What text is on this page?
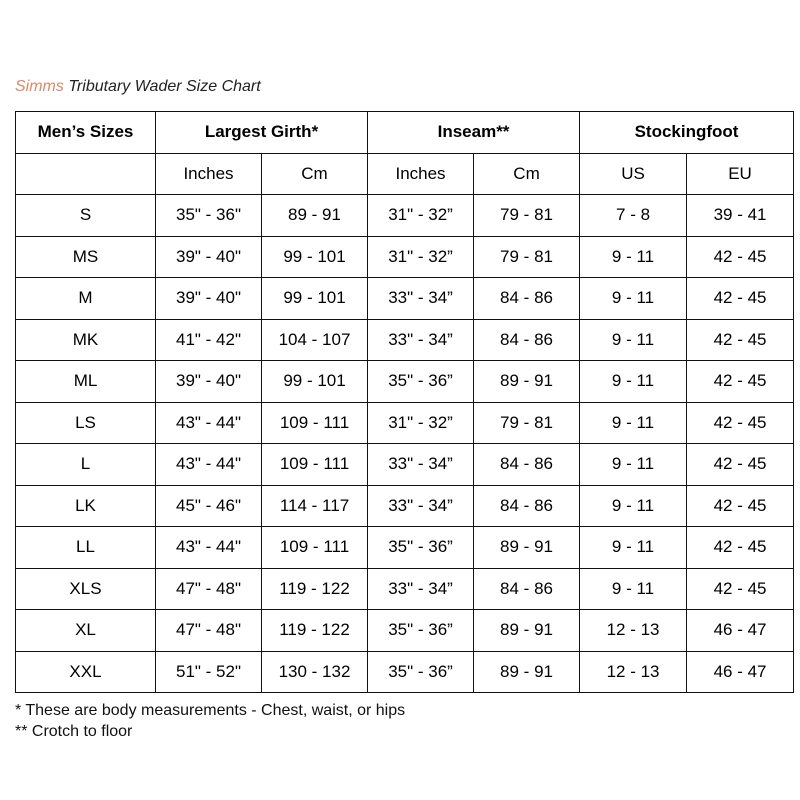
Simms Tributary Wader Size Chart
Men’s Sizes	Largest Girth*		Inseam**		Stockingfoot	
	Inches	Cm	Inches	Cm	US	EU
S	35" - 36"	89 - 91	31" - 32”	79 - 81	7 - 8	39 - 41
MS	39" - 40"	99 - 101	31" - 32”	79 - 81	9 - 11	42 - 45
M	39" - 40"	99 - 101	33" - 34”	84 - 86	9 - 11	42 - 45
MK	41" - 42"	104 - 107	33" - 34”	84 - 86	9 - 11	42 - 45
ML	39" - 40"	99 - 101	35" - 36”	89 - 91	9 - 11	42 - 45
LS	43" - 44"	109 - 111	31" - 32”	79 - 81	9 - 11	42 - 45
L	43" - 44"	109 - 111	33" - 34”	84 - 86	9 - 11	42 - 45
LK	45" - 46"	114 - 117	33" - 34”	84 - 86	9 - 11	42 - 45
LL	43" - 44"	109 - 111	35" - 36”	89 - 91	9 - 11	42 - 45
XLS	47" - 48"	119 - 122	33" - 34”	84 - 86	9 - 11	42 - 45
XL	47" - 48"	119 - 122	35" - 36”	89 - 91	12 - 13	46 - 47
XXL	51" - 52"	130 - 132	35" - 36”	89 - 91	12 - 13	46 - 47
* These are body measurements - Chest, waist, or hips
** Crotch to floor
